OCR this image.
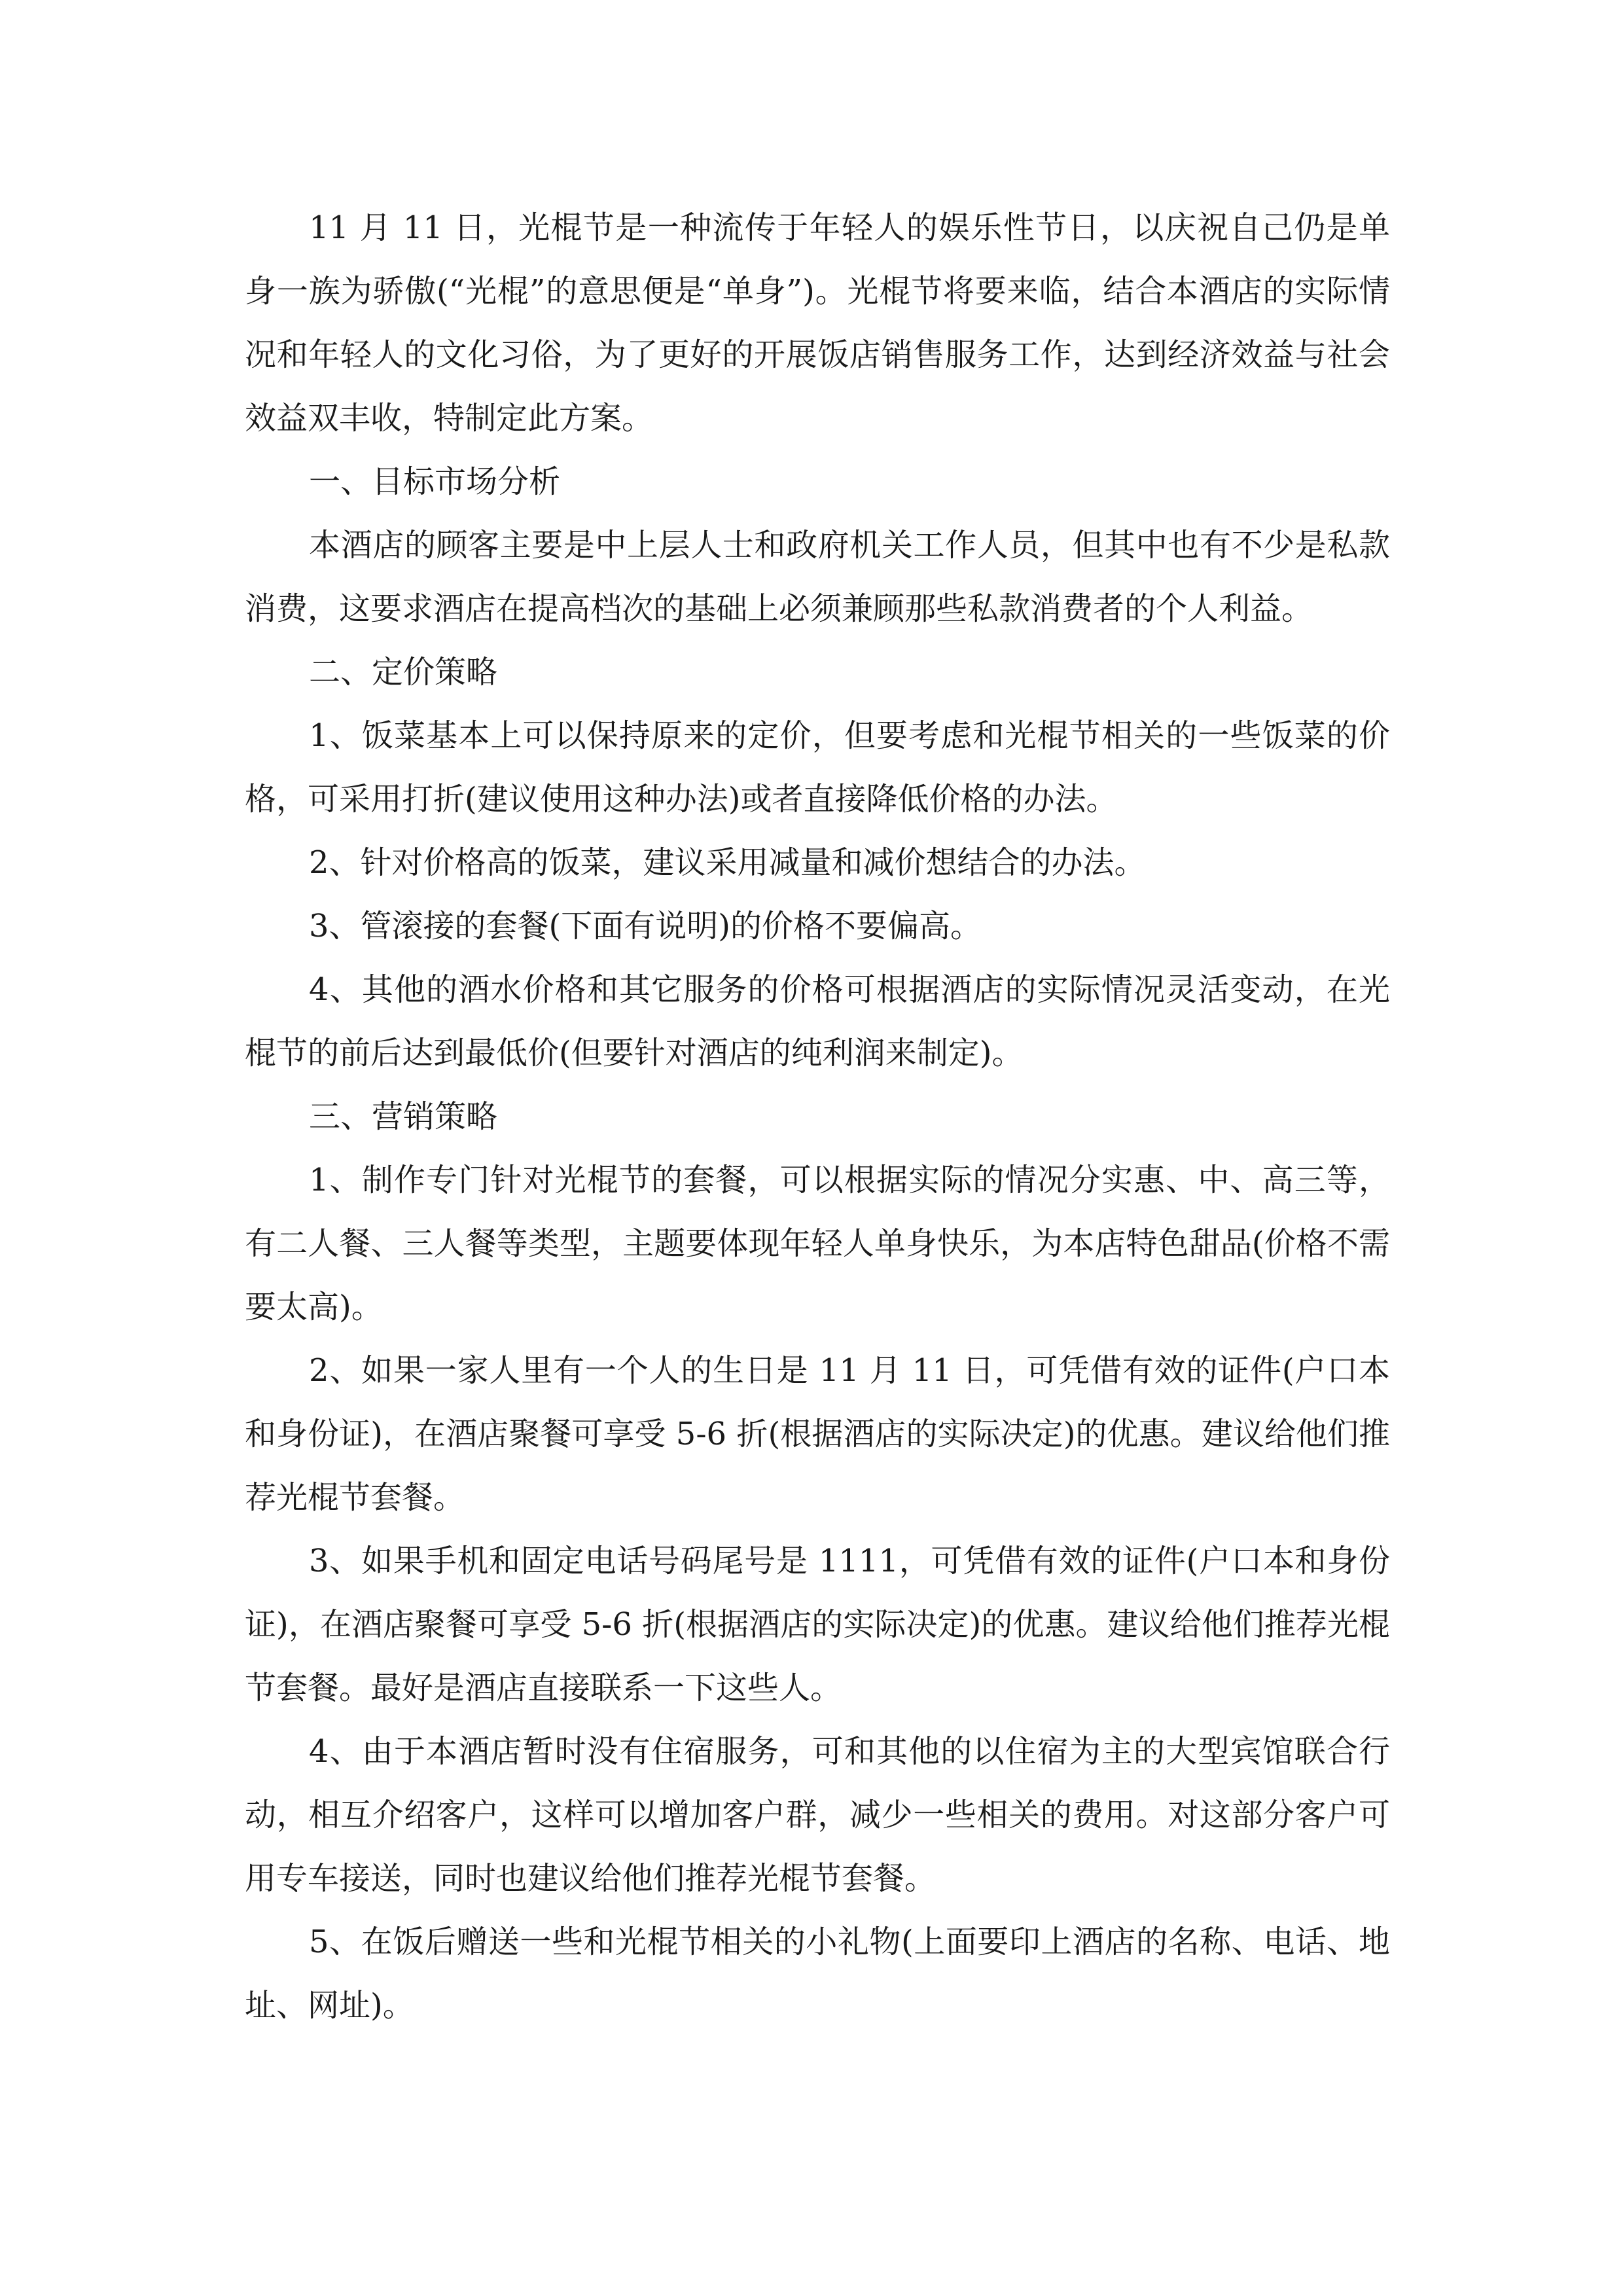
11 月 11 日，光棍节是一种流传于年轻人的娱乐性节日，以庆祝自己仍是单身一族为骄傲(“光棍”的意思便是“单身”)。光棍节将要来临，结合本酒店的实际情况和年轻人的文化习俗，为了更好的开展饭店销售服务工作，达到经济效益与社会效益双丰收，特制定此方案。

一、目标市场分析

本酒店的顾客主要是中上层人士和政府机关工作人员，但其中也有不少是私款消费，这要求酒店在提高档次的基础上必须兼顾那些私款消费者的个人利益。

二、定价策略

1、饭菜基本上可以保持原来的定价，但要考虑和光棍节相关的一些饭菜的价格，可采用打折(建议使用这种办法)或者直接降低价格的办法。

2、针对价格高的饭菜，建议采用减量和减价想结合的办法。

3、管滚接的套餐(下面有说明)的价格不要偏高。

4、其他的酒水价格和其它服务的价格可根据酒店的实际情况灵活变动，在光棍节的前后达到最低价(但要针对酒店的纯利润来制定)。

三、营销策略

1、制作专门针对光棍节的套餐，可以根据实际的情况分实惠、中、高三等，有二人餐、三人餐等类型，主题要体现年轻人单身快乐，为本店特色甜品(价格不需要太高)。

2、如果一家人里有一个人的生日是 11 月 11 日，可凭借有效的证件(户口本和身份证)，在酒店聚餐可享受 5-6 折(根据酒店的实际决定)的优惠。建议给他们推荐光棍节套餐。

3、如果手机和固定电话号码尾号是 1111，可凭借有效的证件(户口本和身份证)，在酒店聚餐可享受 5-6 折(根据酒店的实际决定)的优惠。建议给他们推荐光棍节套餐。最好是酒店直接联系一下这些人。

4、由于本酒店暂时没有住宿服务，可和其他的以住宿为主的大型宾馆联合行动，相互介绍客户，这样可以增加客户群，减少一些相关的费用。对这部分客户可用专车接送，同时也建议给他们推荐光棍节套餐。

5、在饭后赠送一些和光棍节相关的小礼物(上面要印上酒店的名称、电话、地址、网址)。
